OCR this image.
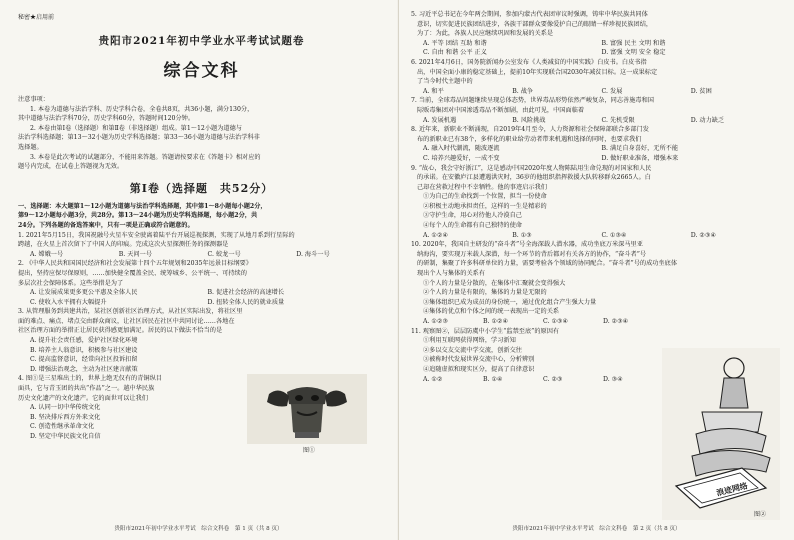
秘密★启用前

贵阳市2021年初中学业水平考试试题卷

综合文科

注意事项：

1. 本卷为道德与法治学科、历史学科合卷，全卷共8页，共36小题，满分130分，

其中道德与法治学科70分，历史学科60分，答题时间120分钟。

2. 本卷由第Ⅰ卷（选择题）和第Ⅱ卷（非选择题）组成。第1～12小题为道德与

法治学科选择题；第13～32小题为历史学科选择题；第33～36小题为道德与法治学科非

选择题。

3. 本卷是此次考试的试题部分，不能用来答题。答题请按要求在《答题卡》相对应的

题号内完成，在试卷上答题视为无效。

第Ⅰ卷（选择题　共52分）

一、选择题：本大题第1～12小题为道德与法治学科选择题，其中第1～8小题每小题2分，

第9～12小题每小题3分，共28分。第13～24小题为历史学科选择题，每小题2分，共

24分。下列各题的备选答案中，只有一项是正确或符合题意的。

1. 2021年5月15日，我国祝融号火星车安全驶离着陆平台开展巡视探测，实现了从地月系到行星际的

跨越，在火星上首次留下了中国人的印痕。完成这次火星探测任务的探测器是

A. 嫦娥一号	B. 天问一号	C. 蛟龙一号	D. 海斗一号

2. 《中华人民共和国国民经济和社会发展第十四个五年规划和2035年远景目标纲要》

提出，坚持应保尽保原则，……加快健全覆盖全民、统筹城乡、公平统一、可持续的

多层次社会保障体系。这些举措是为了

A. 让发展成果更多更公平惠及全体人民	B. 促进社会经济的高速增长
C. 使收入水平拥有大幅提升	D. 扭转全体人民的就业质量

3. 从管理服务到共建共治，某社区创新社区治理方式，从社区实际出发，将社区里

面的难点、痛点、堵点交由群众商议，让社区居民在社区中共同讨论……各地在

社区治理方面的举措正让居民获得感更加满足。居民的以下做法不恰当的是

A. 提升社会责任感，爱护社区绿化环境

B. 培养主人翁意识，积极参与社区建设

C. 提高监督意识，经常向社区投诉扣留

D. 增强法治观念，主动为社区建言献策

4. 图①是三星堆出土的，世界上绝无仅有的青铜纵目

面具，它与青玉团的共出“作品”之一。越中华民族

历史文化遗产的文化遗产。它的面世可以让我们

A. 认同一切中华传统文化

B. 坚决排斥西方外来文化

C. 创造性继承革命文化

D. 坚定中华民族文化自信

图①
贵阳市2021年初中学业水平考试　综合文科卷　第 1 页（共 8 页）

5. 习近平总书记在今年两会期间，参加内蒙古代表团审议时强调，铸牢中华民族共同体

意识，切实促进民族团结进步，各族干部群众要像爱护自己的眼睛一样珍视民族团结，

为了：为此，各族人民应继续巩固和发展的关系是

A. 平等 团结 互助 和谐	B. 富强 民主 文明 和谐
C. 自由 和谐 公平 正义	D. 富强 文明 安全 稳定

6. 2021年4月6日，国务院新闻办公室发布《人类减贫的中国实践》白皮书。白皮书指

出，中国全面小康的稳定基础上，提前10年实现联合国2030年减贫目标。这一成果标定

了当今时代主题中的

A. 和平	B. 战争	C. 发展	D. 贫困

7. 当前，全球毒品问题继续呈现总体态势，世界毒品形势依然严峻复杂，同志善施毒和国

际贩毒集团对中国渗透毒品不断加剧，由此可见，中国面临着

A. 发展机遇	B. 风险挑战	C. 先机受限	D. 动力缺乏

8. 近年来，新职业不断涌现，自2019年4月至今，人力资源和社会保障部联合多部门发

布的新职业已有38个，多样化的职业给劳动者带来机遇和选择的同时，也要求我们

A. 融入时代潮流，随波逐流	B. 满足自身喜好，无所不能
C. 培养兴趣爱好，一成不变	D. 做好职业准备，增强本来

9. “故心，我会守好浙江”，这是感动中国2020年度人物陈陆用生命兑现的对国家和人民

的承诺。在安徽庐江县遭遇洪灾时，36岁的他组织指挥救援大队转移群众2665人。白

己却在营救过程中不幸牺牲。他的事迹启示我们

①为自己的生命找到一个位置，担当一份使命

②积极主动地承担责任，这样的一生是精彩的

③守护生命，用心对待他人冷漠自己

④每个人的生命都有自己独特的使命

A. ①②④	B. ①③	C. ①③④	D. ②③④

10. 2020年，我国自主研发的“奋斗者”号全海深载人潜水器，成功坐底万米深马里亚

纳海沟，要实现万米载人深潜，每一个环节的背后都对有关各方的协作，“奋斗者”号

的研制，集聚了许多科研单位的力量，需要考验各个领域的协同配合。“奋斗者”号的成功坐底体

现出个人与集体的关系有

①个人的力量是分散的，在集体中汇聚就会变得强大

②个人的力量是有限的，集体的力量是无限的

③集体组织已成为成员的身份统一，通过优化组合产生强大力量

④集体的优点和个体之间的统一表现出一定的关系

A. ①②③	B. ①②④	C. ①③④	D. ②③④

11. 观察图②，层层防虞中小学生“监禁至底”的原因有

①利用互联网获得网络，学习新知

②多以交友交流中学交流，创新交往

③被称时代发展世界交流中心，分析辨别

④追随虚拟和现实区分，提高了自律意识

A. ①②	B. ①④	C. ②③	D. ③④
浪迹网络
图②
贵阳市2021年初中学业水平考试　综合文科卷　第 2 页（共 8 页）
